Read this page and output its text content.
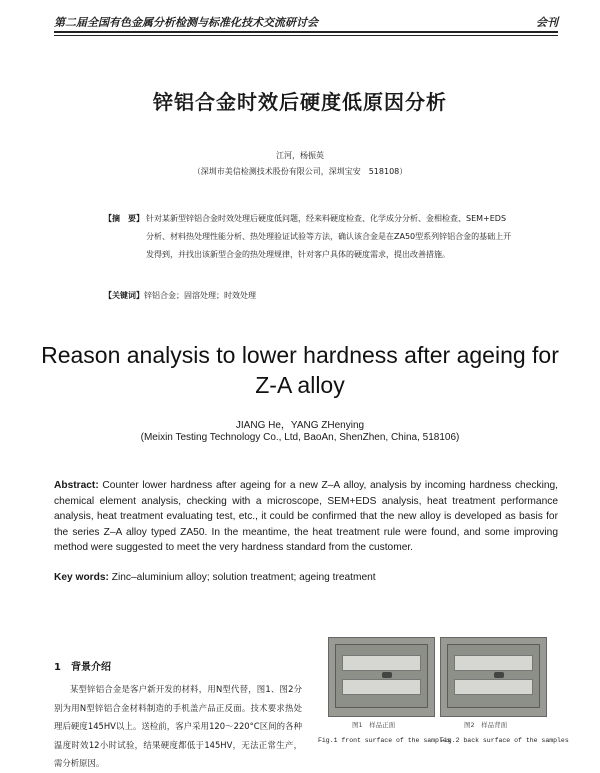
第二届全国有色金属分析检测与标准化技术交流研讨会	会刊
锌铝合金时效后硬度低原因分析
江河，杨振英
（深圳市美信检测技术股份有限公司，深圳宝安　518108）
【摘　要】 针对某新型锌铝合金时效处理后硬度低问题，经来料硬度检查、化学成分分析、金相检查、SEM+EDS分析、材料热处理性能分析、热处理验证试验等方法，确认该合金是在ZA50型系列锌铝合金的基础上开发得到，并找出该新型合金的热处理规律，针对客户具体的硬度需求，提出改善措施。
【关键词】锌铝合金；固溶处理；时效处理
Reason analysis to lower hardness after ageing for Z-A alloy
JIANG He，YANG ZHenying
(Meixin Testing Technology Co., Ltd, BaoAn, ShenZhen, China, 518106)
Abstract: Counter lower hardness after ageing for a new Z–A alloy, analysis by incoming hardness checking, chemical element analysis, checking with a microscope, SEM+EDS analysis, heat treatment performance analysis, heat treatment evaluating test, etc., it could be confirmed that the new alloy is developed as basis for the series Z–A alloy typed ZA50. In the meantime, the heat treatment rule were found, and some improving method were suggested to meet the very hardness standard from the customer.
Key words: Zinc–aluminium alloy; solution treatment; ageing treatment
1 背景介绍
某型锌铝合金是客户新开发的材料，用N型代替，图1、图2分别为用N型锌铝合金材料制造的手机盖产品正反面。技术要求热处理后硬度145HV以上。送检前，客户采用120～220°C区间的各种温度时效12小时试验，结果硬度都低于145HV，无法正常生产，需分析原因。
图1　样品正面	图2　样品背面
Fig.1 front surface of the samples
Fig.2 back surface of the samples
